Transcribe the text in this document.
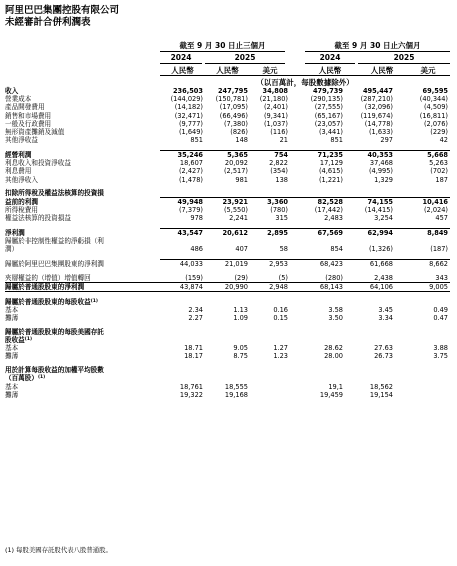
阿里巴巴集團控股有限公司
未經審計合併利潤表
截至 9 月 30 日止三個月	截至 9 月 30 日止六個月
2024	2025	2024	2025
人民幣	人民幣	美元	人民幣	人民幣	美元
（以百萬計，每股數據除外）
收入	236,503	247,795	34,808	479,739	495,447	69,595
營業成本	(144,029)	(150,781)	(21,180)	(290,135)	(287,210)	(40,344)
產品開發費用	(14,182)	(17,095)	(2,401)	(27,555)	(32,096)	(4,509)
銷售和市場費用	(32,471)	(66,496)	(9,341)	(65,167)	(119,674)	(16,811)
一般及行政費用	(9,777)	(7,380)	(1,037)	(23,057)	(14,778)	(2,076)
無形資產攤銷及減值	(1,649)	(826)	(116)	(3,441)	(1,633)	(229)
其他淨收益	851	148	21	851	297	42

經營利潤	35,246	5,365	754	71,235	40,353	5,668
利息收入和投資淨收益	18,607	20,092	2,822	17,129	37,468	5,263
利息費用	(2,427)	(2,517)	(354)	(4,615)	(4,995)	(702)
其他淨收入	(1,478)	981	138	(1,221)	1,329	187

扣除所得稅及權益法核算的投資損						
益前的利潤	49,948	23,921	3,360	82,528	74,155	10,416
所得稅費用	(7,379)	(5,550)	(780)	(17,442)	(14,415)	(2,024)
權益法核算的投資損益	978	2,241	315	2,483	3,254	457

淨利潤	43,547	20,612	2,895	67,569	62,994	8,849
歸屬於非控制性權益的淨虧損（利						
潤）	486	407	58	854	(1,326)	(187)

歸屬於阿里巴巴集團股東的淨利潤	44,033	21,019	2,953	68,423	61,668	8,662

夾層權益的（增值）增值轉回	(159)	(29)	(5)	(280)	2,438	343
歸屬於普通股股東的淨利潤	43,874	20,990	2,948	68,143	64,106	9,005

歸屬於普通股股東的每股收益$^{(1)}$						
基本	2.34	1.13	0.16	3.58	3.45	0.49
攤薄	2.27	1.09	0.15	3.50	3.34	0.47

歸屬於普通股股東的每股美國存託						
股收益$^{(1)}$						
基本	18.71	9.05	1.27	28.62	27.63	3.88
攤薄	18.17	8.75	1.23	28.00	26.73	3.75

用於計算每股收益的加權平均股數						
（百萬股）$^{(1)}$						
基本	18,761	18,555		19,1	18,562	
攤薄	19,322	19,168		19,459	19,154	
(1) 每股美國存託股代表八股普通股。
